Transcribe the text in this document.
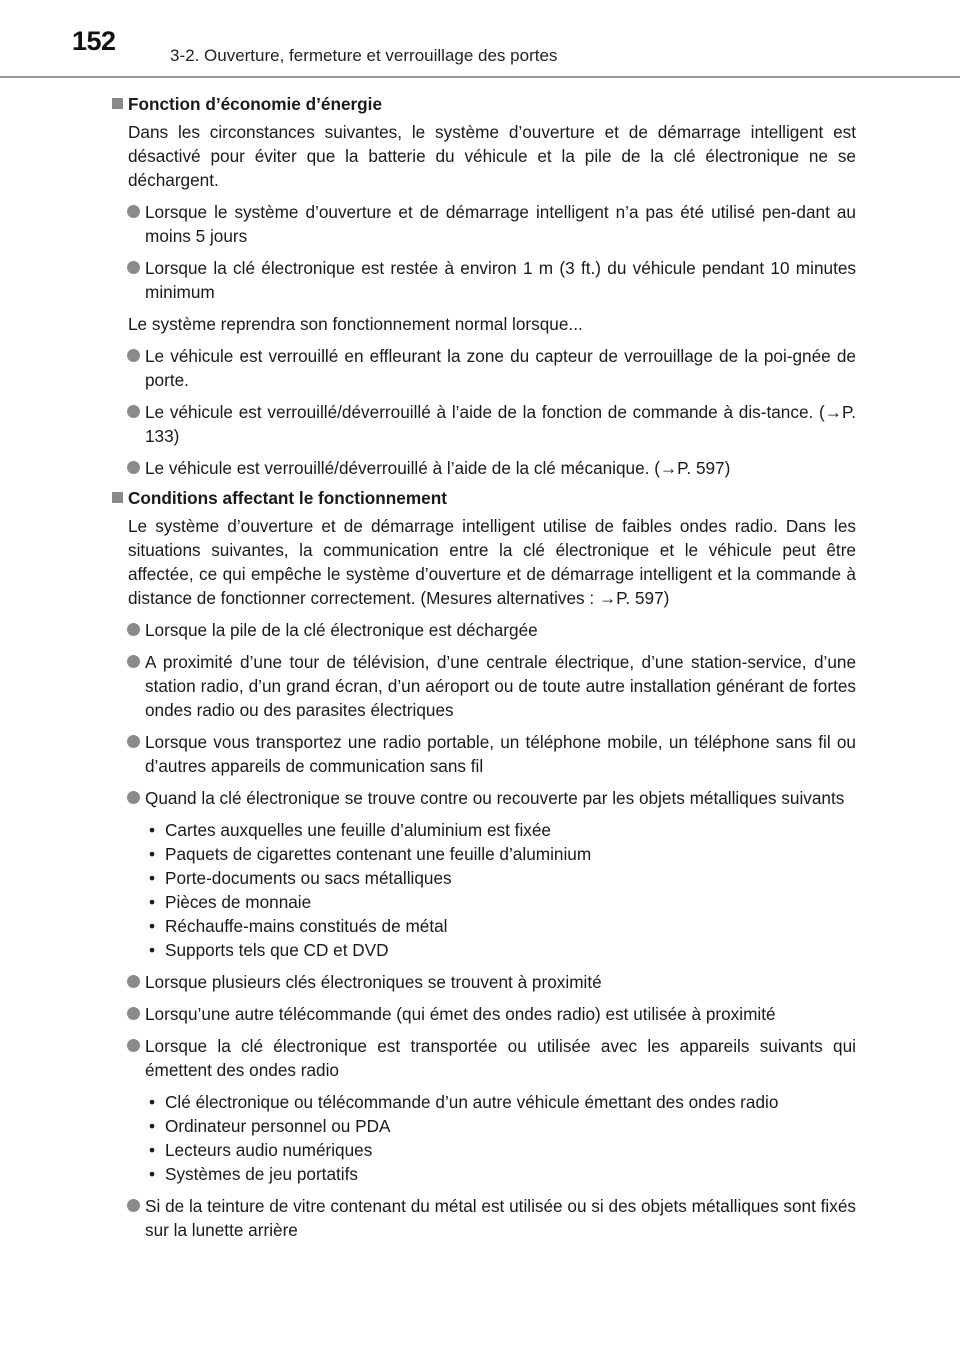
152	3-2. Ouverture, fermeture et verrouillage des portes
Fonction d’économie d’énergie

Dans les circonstances suivantes, le système d’ouverture et de démarrage intelligent est désactivé pour éviter que la batterie du véhicule et la pile de la clé électronique ne se déchargent.

Lorsque le système d’ouverture et de démarrage intelligent n’a pas été utilisé pen-dant au moins 5 jours
Lorsque la clé électronique est restée à environ 1 m (3 ft.) du véhicule pendant 10 minutes minimum

Le système reprendra son fonctionnement normal lorsque...

Le véhicule est verrouillé en effleurant la zone du capteur de verrouillage de la poi-gnée de porte.
Le véhicule est verrouillé/déverrouillé à l’aide de la fonction de commande à dis-tance. (→P. 133)
Le véhicule est verrouillé/déverrouillé à l’aide de la clé mécanique. (→P. 597)
Conditions affectant le fonctionnement

Le système d’ouverture et de démarrage intelligent utilise de faibles ondes radio. Dans les situations suivantes, la communication entre la clé électronique et le véhicule peut être affectée, ce qui empêche le système d’ouverture et de démarrage intelligent et la commande à distance de fonctionner correctement. (Mesures alternatives : →P. 597)

Lorsque la pile de la clé électronique est déchargée
A proximité d’une tour de télévision, d’une centrale électrique, d’une station-service, d’une station radio, d’un grand écran, d’un aéroport ou de toute autre installation générant de fortes ondes radio ou des parasites électriques
Lorsque vous transportez une radio portable, un téléphone mobile, un téléphone sans fil ou d’autres appareils de communication sans fil
Quand la clé électronique se trouve contre ou recouverte par les objets métalliques suivants
• Cartes auxquelles une feuille d’aluminium est fixée
• Paquets de cigarettes contenant une feuille d’aluminium
• Porte-documents ou sacs métalliques
• Pièces de monnaie
• Réchauffe-mains constitués de métal
• Supports tels que CD et DVD
Lorsque plusieurs clés électroniques se trouvent à proximité
Lorsqu’une autre télécommande (qui émet des ondes radio) est utilisée à proximité
Lorsque la clé électronique est transportée ou utilisée avec les appareils suivants qui émettent des ondes radio
• Clé électronique ou télécommande d’un autre véhicule émettant des ondes radio
• Ordinateur personnel ou PDA
• Lecteurs audio numériques
• Systèmes de jeu portatifs
Si de la teinture de vitre contenant du métal est utilisée ou si des objets métalliques sont fixés sur la lunette arrière
